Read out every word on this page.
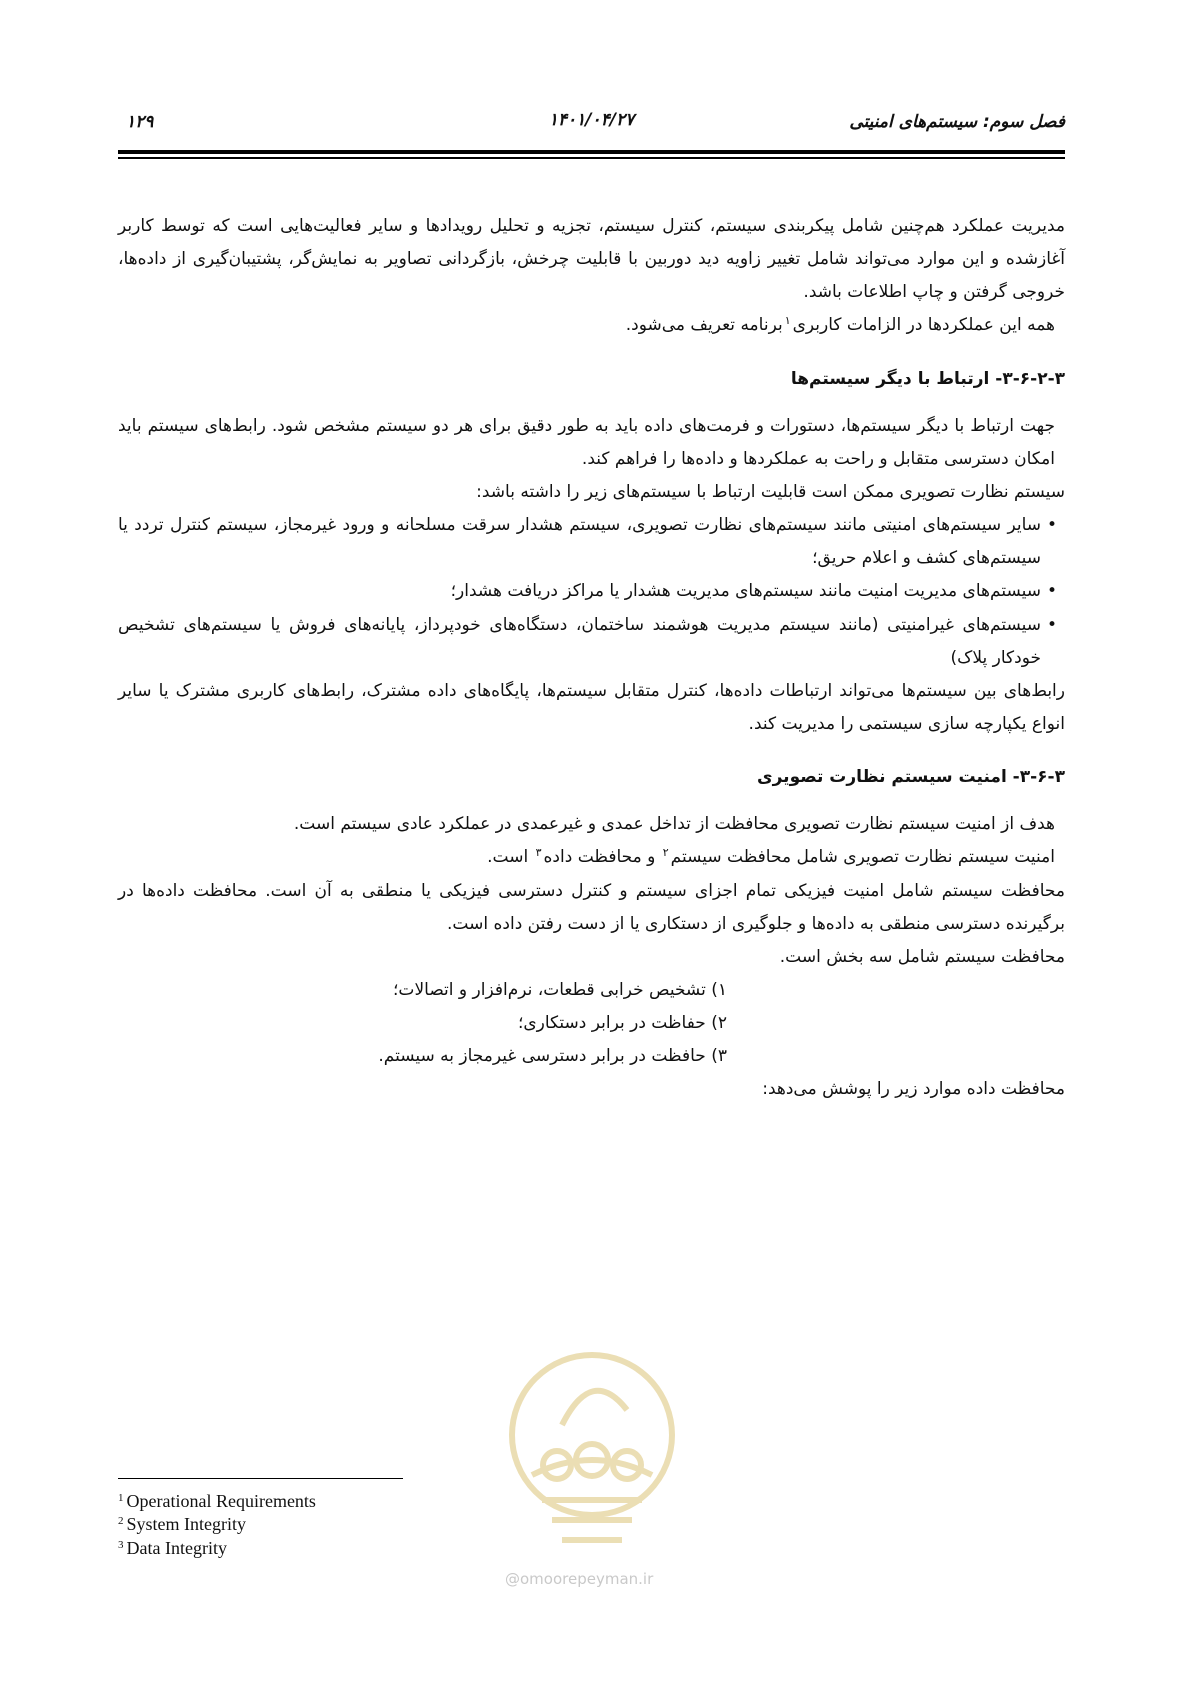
فصل سوم: سیستم‌های امنیتی
۱۴۰۱/۰۴/۲۷
۱۲۹

مدیریت عملکرد هم‌چنین شامل پیکربندی سیستم، کنترل سیستم، تجزیه و تحلیل رویدادها و سایر فعالیت‌هایی است که توسط کاربر آغازشده و این موارد می‌تواند شامل تغییر زاویه دید دوربین با قابلیت چرخش، بازگردانی تصاویر به نمایش‌گر، پشتیبان‌گیری از داده‌ها، خروجی گرفتن و چاپ اطلاعات باشد.

همه این عملکردها در الزامات کاربری$^۱$برنامه تعریف می‌شود.

۳-۶-۲-۳- ارتباط با دیگر سیستم‌ها

جهت ارتباط با دیگر سیستم‌ها، دستورات و فرمت‌های داده باید به طور دقیق برای هر دو سیستم مشخص شود. رابط‌های سیستم باید امکان دسترسی متقابل و راحت به عملکردها و داده‌ها را فراهم کند.

سیستم نظارت تصویری ممکن است قابلیت ارتباط با سیستم‌های زیر را داشته باشد:

•
سایر سیستم‌های امنیتی مانند سیستم‌های نظارت تصویری، سیستم هشدار سرقت مسلحانه و ورود غیرمجاز، سیستم کنترل تردد یا سیستم‌های کشف و اعلام حریق؛
•
سیستم‌های مدیریت امنیت مانند سیستم‌های مدیریت هشدار یا مراکز دریافت هشدار؛
•
سیستم‌های غیرامنیتی (مانند سیستم مدیریت هوشمند ساختمان، دستگاه‌های خودپرداز، پایانه‌های فروش یا سیستم‌های تشخیص خودکار پلاک)

رابط‌های بین سیستم‌ها می‌تواند ارتباطات داده‌ها، کنترل متقابل سیستم‌ها، پایگاه‌های داده مشترک، رابط‌های کاربری مشترک یا سایر انواع یکپارچه سازی سیستمی را مدیریت کند.

۳-۶-۳- امنیت سیستم نظارت تصویری

هدف از امنیت سیستم نظارت تصویری محافظت از تداخل عمدی و غیرعمدی در عملکرد عادی سیستم است.

امنیت سیستم نظارت تصویری شامل محافظت سیستم$^۲$ و محافظت داده$^۳$ است.

محافظت سیستم شامل امنیت فیزیکی تمام اجزای سیستم و کنترل دسترسی فیزیکی یا منطقی به آن است. محافظت داده‌ها در برگیرنده دسترسی منطقی به داده‌ها و جلوگیری از دستکاری یا از دست رفتن داده است.

محافظت سیستم شامل سه بخش است.

۱) تشخیص خرابی قطعات، نرم‌افزار و اتصالات؛
۲) حفاظت در برابر دستکاری؛
۳) حافظت در برابر دسترسی غیرمجاز به سیستم.

محافظت داده موارد زیر را پوشش می‌دهد:

@omoorepeyman.ir
$^1$ Operational Requirements
$^2$ System Integrity
$^3$ Data Integrity
